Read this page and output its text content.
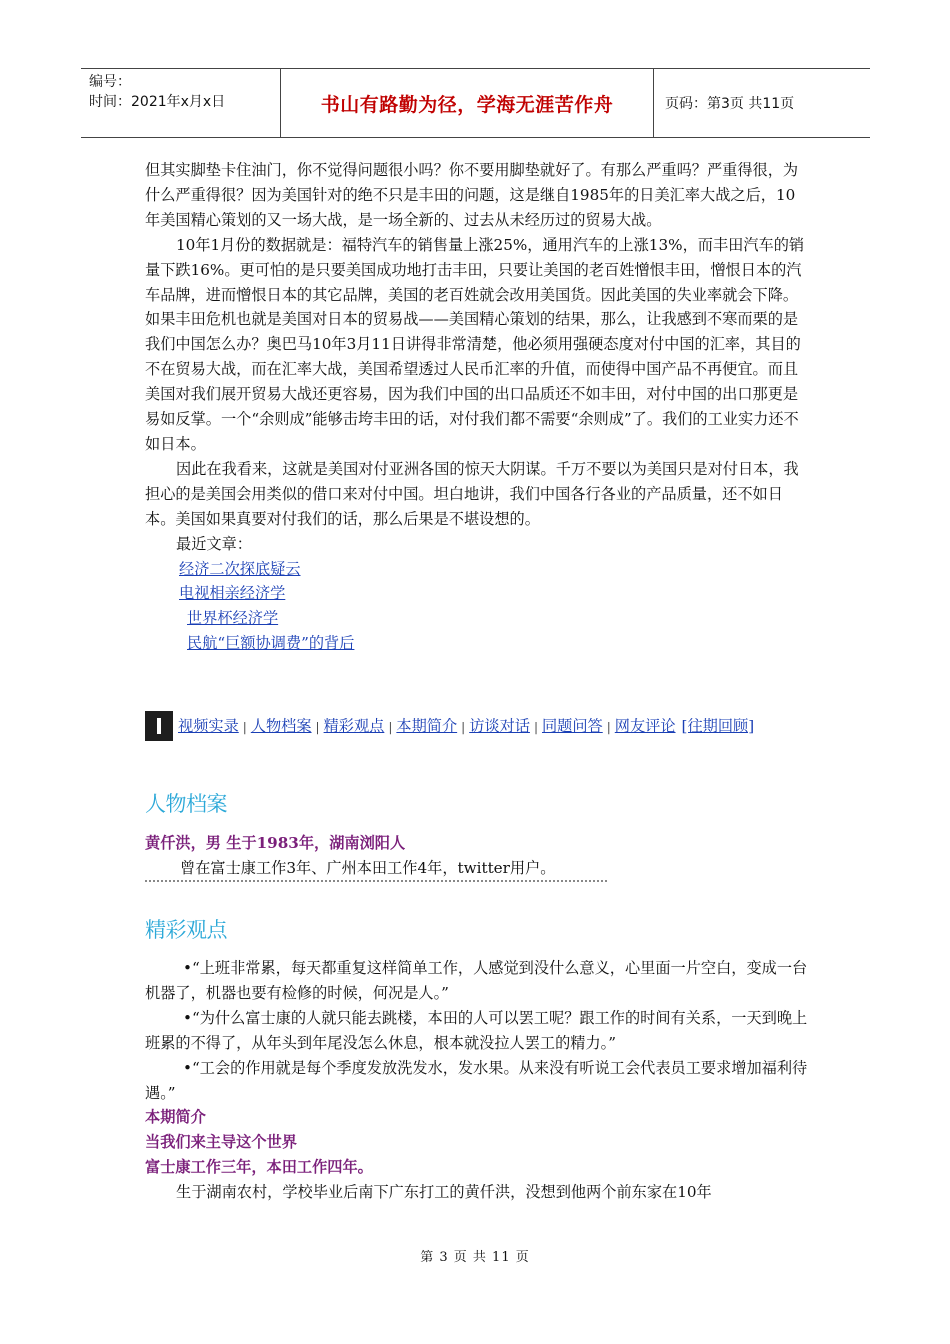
编号：
时间：2021年x月x日	书山有路勤为径，学海无涯苦作舟	页码：第3页 共11页

但其实脚垫卡住油门，你不觉得问题很小吗？你不要用脚垫就好了。有那么严重吗？严重得很，为什么严重得很？因为美国针对的绝不只是丰田的问题，这是继自1985年的日美汇率大战之后，10年美国精心策划的又一场大战，是一场全新的、过去从未经历过的贸易大战。

10年1月份的数据就是：福特汽车的销售量上涨25%，通用汽车的上涨13%，而丰田汽车的销量下跌16%。更可怕的是只要美国成功地打击丰田，只要让美国的老百姓憎恨丰田，憎恨日本的汽车品牌，进而憎恨日本的其它品牌，美国的老百姓就会改用美国货。因此美国的失业率就会下降。如果丰田危机也就是美国对日本的贸易战——美国精心策划的结果，那么，让我感到不寒而栗的是我们中国怎么办？奥巴马10年3月11日讲得非常清楚，他必须用强硬态度对付中国的汇率，其目的不在贸易大战，而在汇率大战，美国希望透过人民币汇率的升值，而使得中国产品不再便宜。而且美国对我们展开贸易大战还更容易，因为我们中国的出口品质还不如丰田，对付中国的出口那更是易如反掌。一个“余则成”能够击垮丰田的话，对付我们都不需要“余则成”了。我们的工业实力还不如日本。

因此在我看来，这就是美国对付亚洲各国的惊天大阴谋。千万不要以为美国只是对付日本，我担心的是美国会用类似的借口来对付中国。坦白地讲，我们中国各行各业的产品质量，还不如日本。美国如果真要对付我们的话，那么后果是不堪设想的。

最近文章：

经济二次探底疑云
电视相亲经济学
世界杯经济学
民航“巨额协调费”的背后
视频实录 | 人物档案 | 精彩观点 | 本期简介 | 访谈对话 | 同题问答 | 网友评论 [往期回顾]
人物档案
黄仟洪，男 生于1983年，湖南浏阳人
曾在富士康工作3年、广州本田工作4年，twitter用户。
精彩观点

•“上班非常累，每天都重复这样简单工作，人感觉到没什么意义，心里面一片空白，变成一台机器了，机器也要有检修的时候，何况是人。”

•“为什么富士康的人就只能去跳楼，本田的人可以罢工呢？跟工作的时间有关系，一天到晚上班累的不得了，从年头到年尾没怎么休息，根本就没拉人罢工的精力。”

•“工会的作用就是每个季度发放洗发水，发水果。从来没有听说工会代表员工要求增加福利待遇。”

本期简介
当我们来主导这个世界
富士康工作三年，本田工作四年。

生于湖南农村，学校毕业后南下广东打工的黄仟洪，没想到他两个前东家在10年

第 3 页 共 11 页
